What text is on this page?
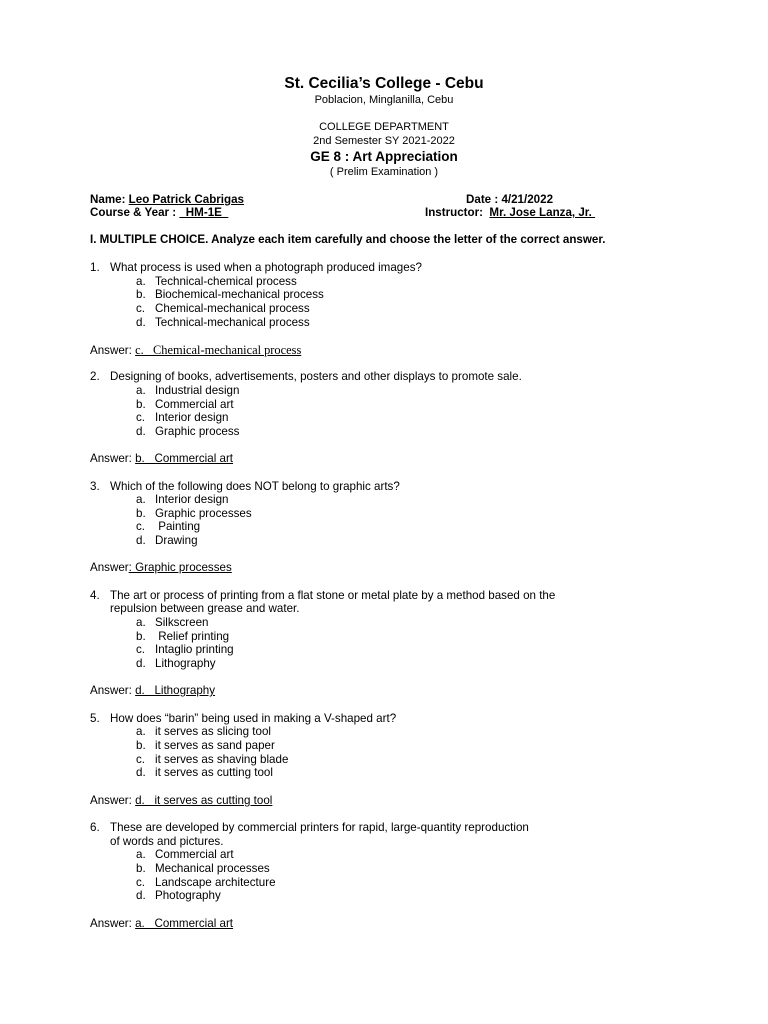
St. Cecilia’s College - Cebu
Poblacion, Minglanilla, Cebu
COLLEGE DEPARTMENT
2nd Semester SY 2021-2022
GE 8 : Art Appreciation
( Prelim Examination )
Name: Leo Patrick Cabrigas	Date : 4/21/2022
Course & Year :   HM-1E	Instructor:  Mr. Jose Lanza, Jr.
I. MULTIPLE CHOICE. Analyze each item carefully and choose the letter of the correct answer.
1. What process is used when a photograph produced images?
a. Technical-chemical process
b. Biochemical-mechanical process
c. Chemical-mechanical process
d. Technical-mechanical process
Answer: c.   Chemical-mechanical process
2. Designing of books, advertisements, posters and other displays to promote sale.
a. Industrial design
b. Commercial art
c. Interior design
d. Graphic process
Answer: b.   Commercial art
3. Which of the following does NOT belong to graphic arts?
a. Interior design
b. Graphic processes
c. Painting
d. Drawing
Answer: Graphic processes
4. The art or process of printing from a flat stone or metal plate by a method based on the
repulsion between grease and water.
a. Silkscreen
b. Relief printing
c. Intaglio printing
d. Lithography
Answer: d.   Lithography
5. How does “barin” being used in making a V-shaped art?
a. it serves as slicing tool
b. it serves as sand paper
c. it serves as shaving blade
d. it serves as cutting tool
Answer: d.   it serves as cutting tool
6. These are developed by commercial printers for rapid, large-quantity reproduction
of words and pictures.
a. Commercial art
b. Mechanical processes
c. Landscape architecture
d. Photography
Answer: a.   Commercial art
